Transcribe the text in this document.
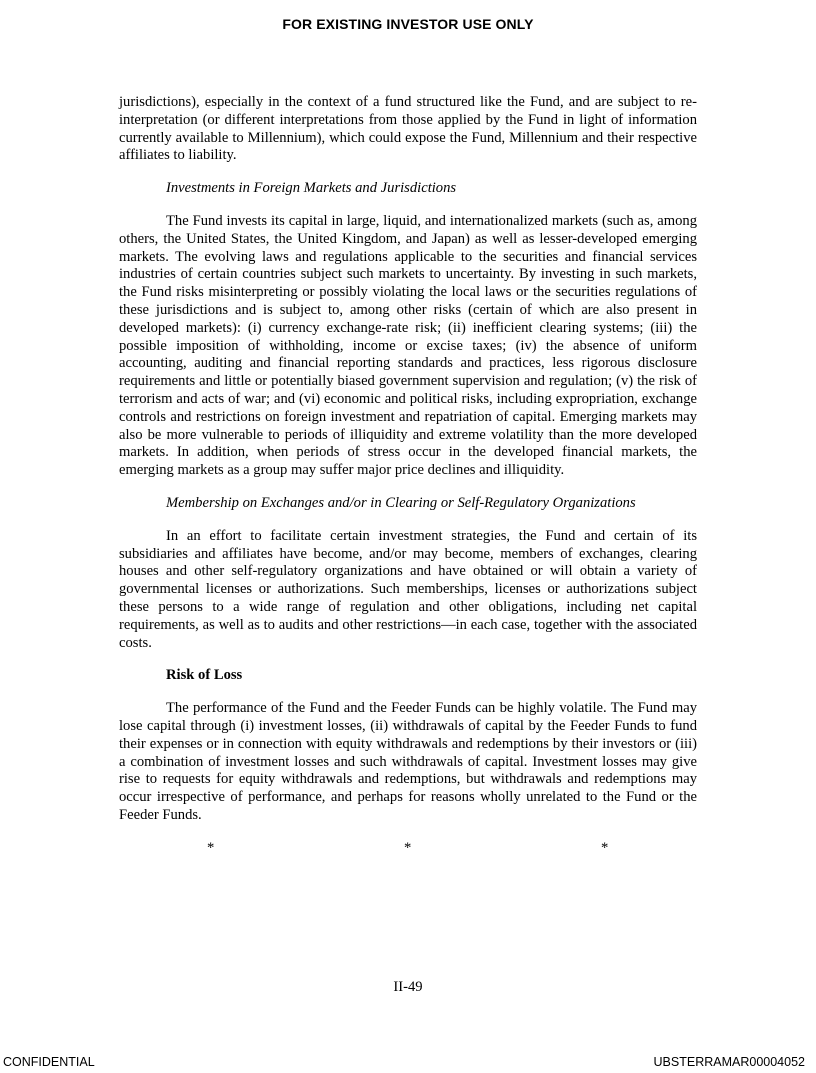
FOR EXISTING INVESTOR USE ONLY

jurisdictions), especially in the context of a fund structured like the Fund, and are subject to re-interpretation (or different interpretations from those applied by the Fund in light of information currently available to Millennium), which could expose the Fund, Millennium and their respective affiliates to liability.

Investments in Foreign Markets and Jurisdictions

The Fund invests its capital in large, liquid, and internationalized markets (such as, among others, the United States, the United Kingdom, and Japan) as well as lesser-developed emerging markets. The evolving laws and regulations applicable to the securities and financial services industries of certain countries subject such markets to uncertainty. By investing in such markets, the Fund risks misinterpreting or possibly violating the local laws or the securities regulations of these jurisdictions and is subject to, among other risks (certain of which are also present in developed markets): (i) currency exchange-rate risk; (ii) inefficient clearing systems; (iii) the possible imposition of withholding, income or excise taxes; (iv) the absence of uniform accounting, auditing and financial reporting standards and practices, less rigorous disclosure requirements and little or potentially biased government supervision and regulation; (v) the risk of terrorism and acts of war; and (vi) economic and political risks, including expropriation, exchange controls and restrictions on foreign investment and repatriation of capital. Emerging markets may also be more vulnerable to periods of illiquidity and extreme volatility than the more developed markets. In addition, when periods of stress occur in the developed financial markets, the emerging markets as a group may suffer major price declines and illiquidity.

Membership on Exchanges and/or in Clearing or Self-Regulatory Organizations

In an effort to facilitate certain investment strategies, the Fund and certain of its subsidiaries and affiliates have become, and/or may become, members of exchanges, clearing houses and other self-regulatory organizations and have obtained or will obtain a variety of governmental licenses or authorizations. Such memberships, licenses or authorizations subject these persons to a wide range of regulation and other obligations, including net capital requirements, as well as to audits and other restrictions—in each case, together with the associated costs.

Risk of Loss

The performance of the Fund and the Feeder Funds can be highly volatile. The Fund may lose capital through (i) investment losses, (ii) withdrawals of capital by the Feeder Funds to fund their expenses or in connection with equity withdrawals and redemptions by their investors or (iii) a combination of investment losses and such withdrawals of capital. Investment losses may give rise to requests for equity withdrawals and redemptions, but withdrawals and redemptions may occur irrespective of performance, and perhaps for reasons wholly unrelated to the Fund or the Feeder Funds.

*	*	*
II-49
CONFIDENTIAL	UBSTERRAMAR00004052
